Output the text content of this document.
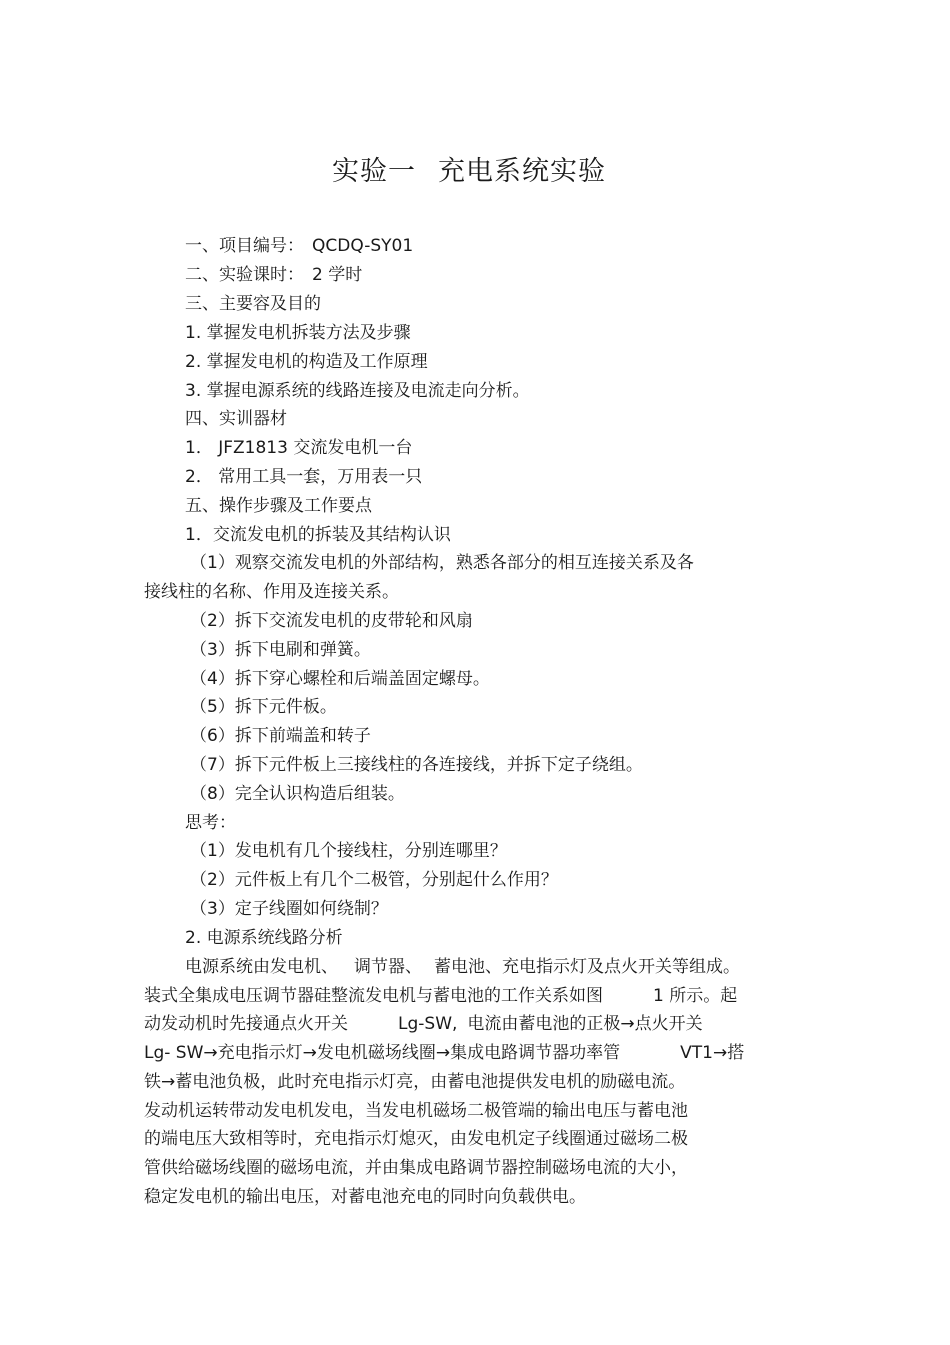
实验一 充电系统实验
一、项目编号： QCDQ-SY01
二、实验课时： 2 学时
三、主要容及目的
1. 掌握发电机拆装方法及步骤
2. 掌握发电机的构造及工作原理
3. 掌握电源系统的线路连接及电流走向分析。
四、实训器材
1． JFZ1813 交流发电机一台
2． 常用工具一套，万用表一只
五、操作步骤及工作要点
1．交流发电机的拆装及其结构认识
（1）观察交流发电机的外部结构，熟悉各部分的相互连接关系及各
接线柱的名称、作用及连接关系。
（2）拆下交流发电机的皮带轮和风扇
（3）拆下电刷和弹簧。
（4）拆下穿心螺栓和后端盖固定螺母。
（5）拆下元件板。
（6）拆下前端盖和转子
（7）拆下元件板上三接线柱的各连接线，并拆下定子绕组。
（8）完全认识构造后组装。
思考：
（1）发电机有几个接线柱，分别连哪里？
（2）元件板上有几个二极管，分别起什么作用？
（3）定子线圈如何绕制？
2. 电源系统线路分析
电源系统由发电机、 调节器、 蓄电池、充电指示灯及点火开关等组成。
装式全集成电压调节器硅整流发电机与蓄电池的工作关系如图	1 所示。起
动发动机时先接通点火开关	Lg-SW, 电流由蓄电池的正极→点火开关
Lg- SW→充电指示灯→发电机磁场线圈→集成电路调节器功率管	VT1→搭
铁→蓄电池负极，此时充电指示灯亮，由蓄电池提供发电机的励磁电流。
发动机运转带动发电机发电，当发电机磁场二极管端的输出电压与蓄电池
的端电压大致相等时，充电指示灯熄灭，由发电机定子线圈通过磁场二极
管供给磁场线圈的磁场电流，并由集成电路调节器控制磁场电流的大小，
稳定发电机的输出电压，对蓄电池充电的同时向负载供电。
